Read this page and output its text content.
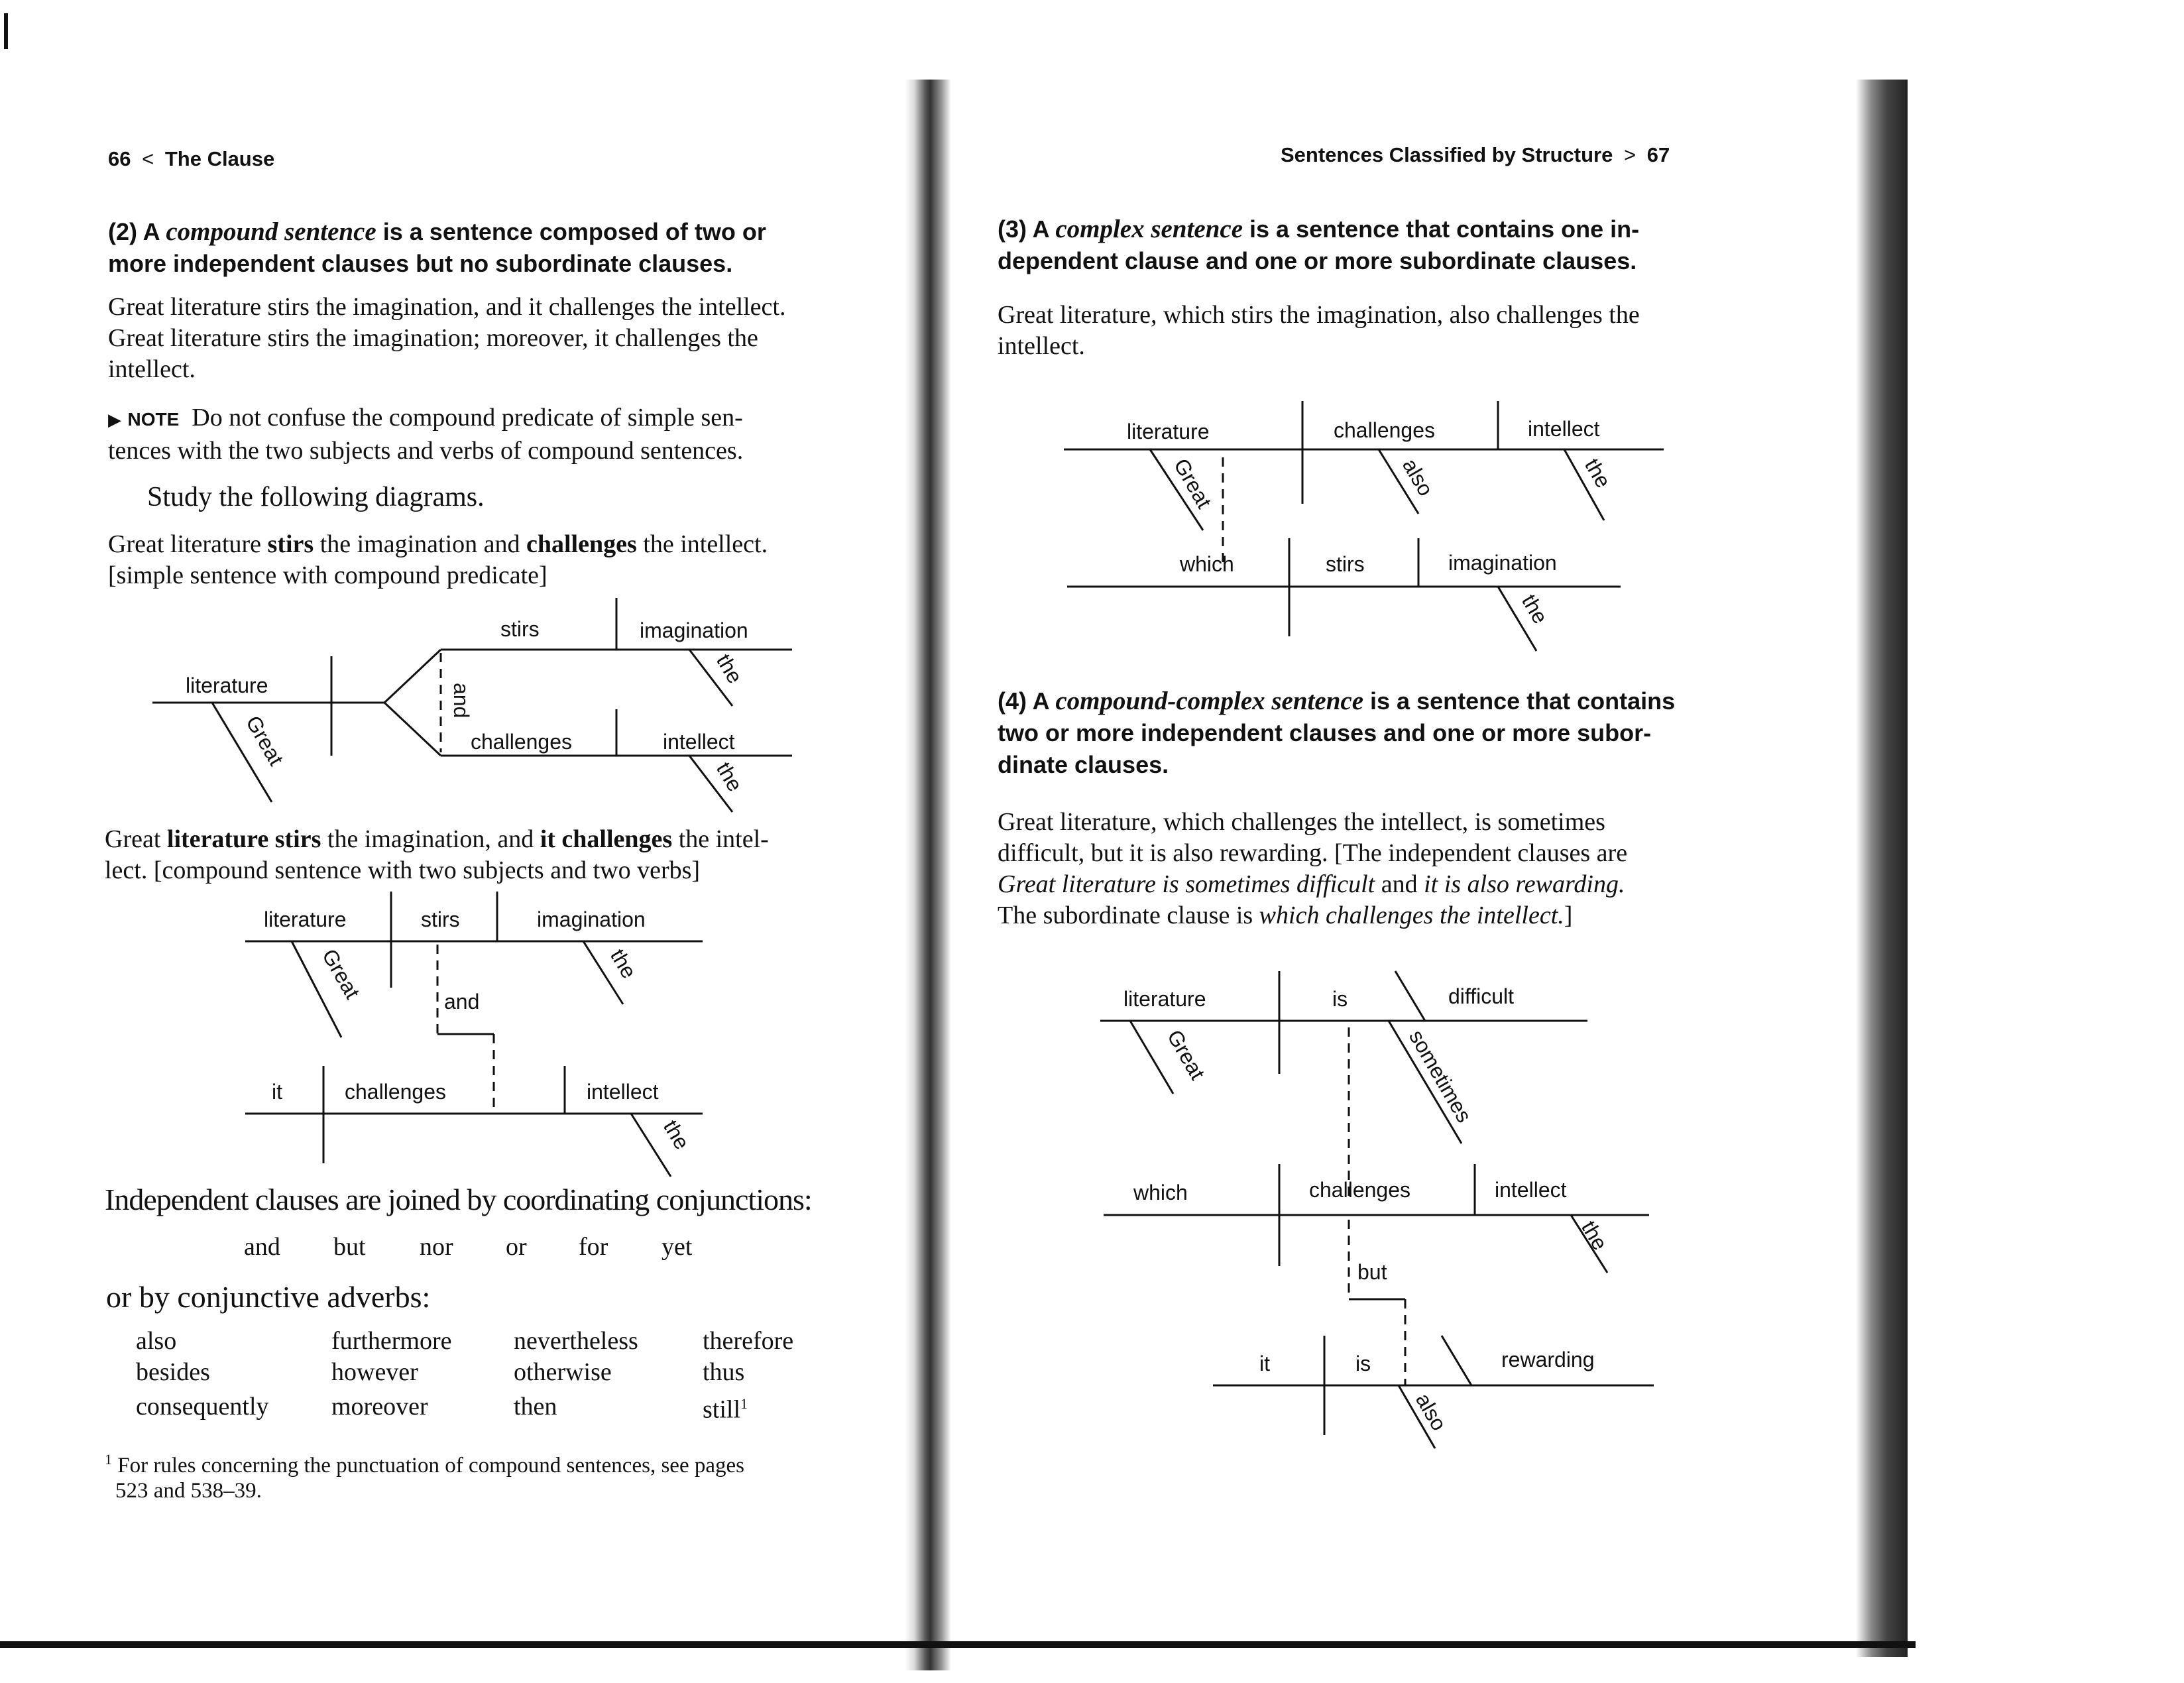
66 < The Clause
(2) A compound sentence is a sentence composed of two or
more independent clauses but no subordinate clauses.
Great literature stirs the imagination, and it challenges the intellect.
Great literature stirs the imagination; moreover, it challenges the
intellect.
▶ NOTE Do not confuse the compound predicate of simple sen-
tences with the two subjects and verbs of compound sentences.
Study the following diagrams.
Great literature stirs the imagination and challenges the intellect.
[simple sentence with compound predicate]
literature
Great
and
stirs	imagination
the
challenges	intellect
the
Great literature stirs the imagination, and it challenges the intel-
lect. [compound sentence with two subjects and two verbs]
literature
Great
stirs	imagination
the
and
it	challenges	intellect
the
Independent clauses are joined by coordinating conjunctions:
and but nor or for yet
or by conjunctive adverbs:
also	furthermore	nevertheless	therefore
besides	however	otherwise	thus
consequently	moreover	then	still$^1$
$^1$ For rules concerning the punctuation of compound sentences, see pages
523 and 538–39.
Sentences Classified by Structure > 67
(3) A complex sentence is a sentence that contains one in-
dependent clause and one or more subordinate clauses.
Great literature, which stirs the imagination, also challenges the
intellect.
literature
Great
challenges
also
intellect
the
which	stirs	imagination
the
(4) A compound-complex sentence is a sentence that contains
two or more independent clauses and one or more subor-
dinate clauses.
Great literature, which challenges the intellect, is sometimes
difficult, but it is also rewarding. [The independent clauses are
Great literature is sometimes difficult and it is also rewarding.
The subordinate clause is which challenges the intellect.]
literature
Great
is	difficult
sometimes
which	challenges	intellect
the
but
it	is	rewarding
also
